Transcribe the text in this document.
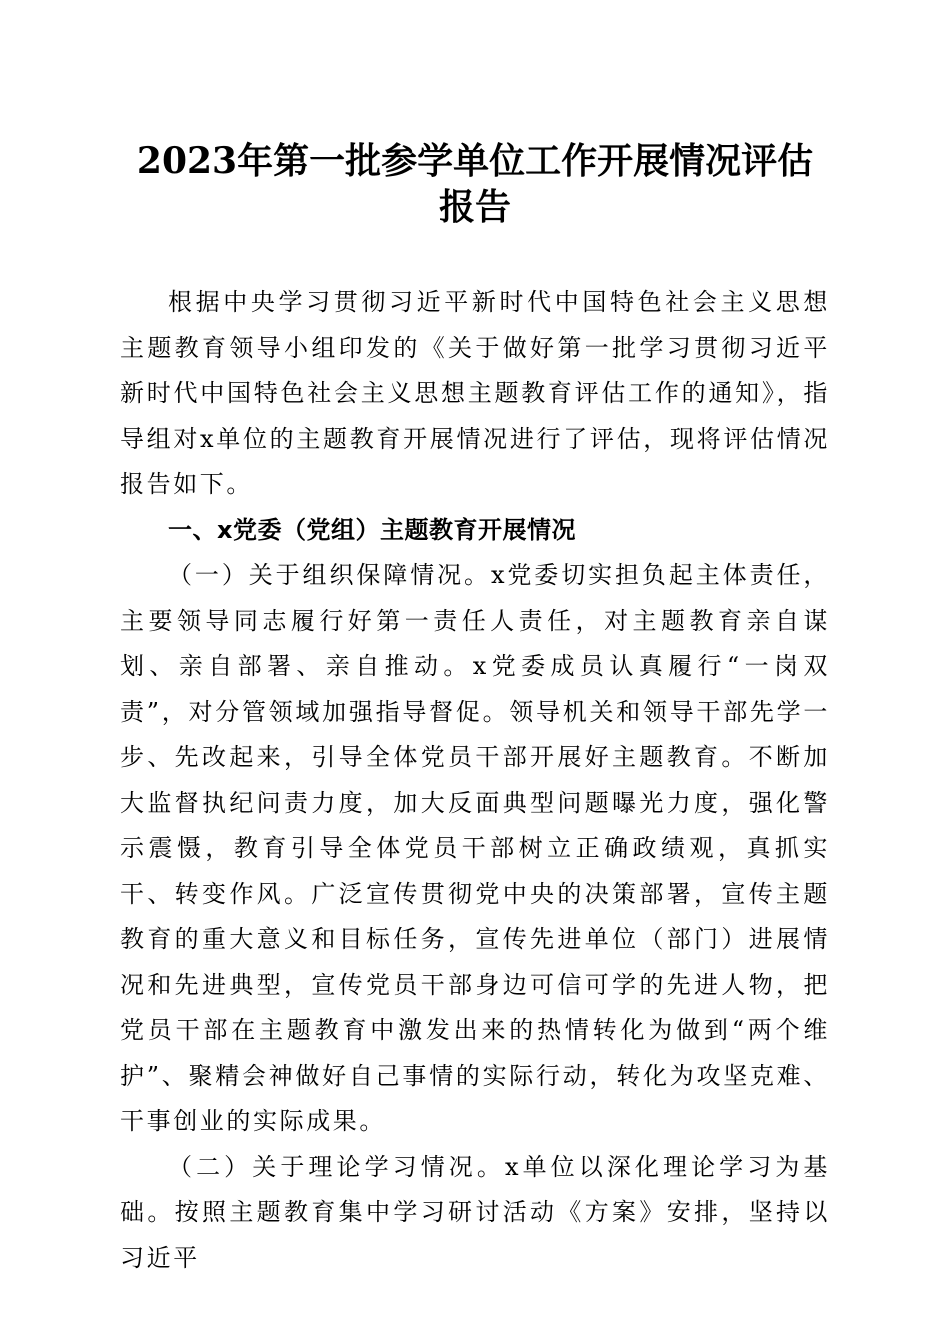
2023年第一批参学单位工作开展情况评估报告

根据中央学习贯彻习近平新时代中国特色社会主义思想主题教育领导小组印发的《关于做好第一批学习贯彻习近平新时代中国特色社会主义思想主题教育评估工作的通知》，指导组对x单位的主题教育开展情况进行了评估，现将评估情况报告如下。

一、x党委（党组）主题教育开展情况

（一）关于组织保障情况。x党委切实担负起主体责任，主要领导同志履行好第一责任人责任，对主题教育亲自谋划、亲自部署、亲自推动。x党委成员认真履行“一岗双责”，对分管领域加强指导督促。领导机关和领导干部先学一步、先改起来，引导全体党员干部开展好主题教育。不断加大监督执纪问责力度，加大反面典型问题曝光力度，强化警示震慑，教育引导全体党员干部树立正确政绩观，真抓实干、转变作风。广泛宣传贯彻党中央的决策部署，宣传主题教育的重大意义和目标任务，宣传先进单位（部门）进展情况和先进典型，宣传党员干部身边可信可学的先进人物，把党员干部在主题教育中激发出来的热情转化为做到“两个维护”、聚精会神做好自己事情的实际行动，转化为攻坚克难、干事创业的实际成果。

（二）关于理论学习情况。x单位以深化理论学习为基础。按照主题教育集中学习研讨活动《方案》安排，坚持以习近平
